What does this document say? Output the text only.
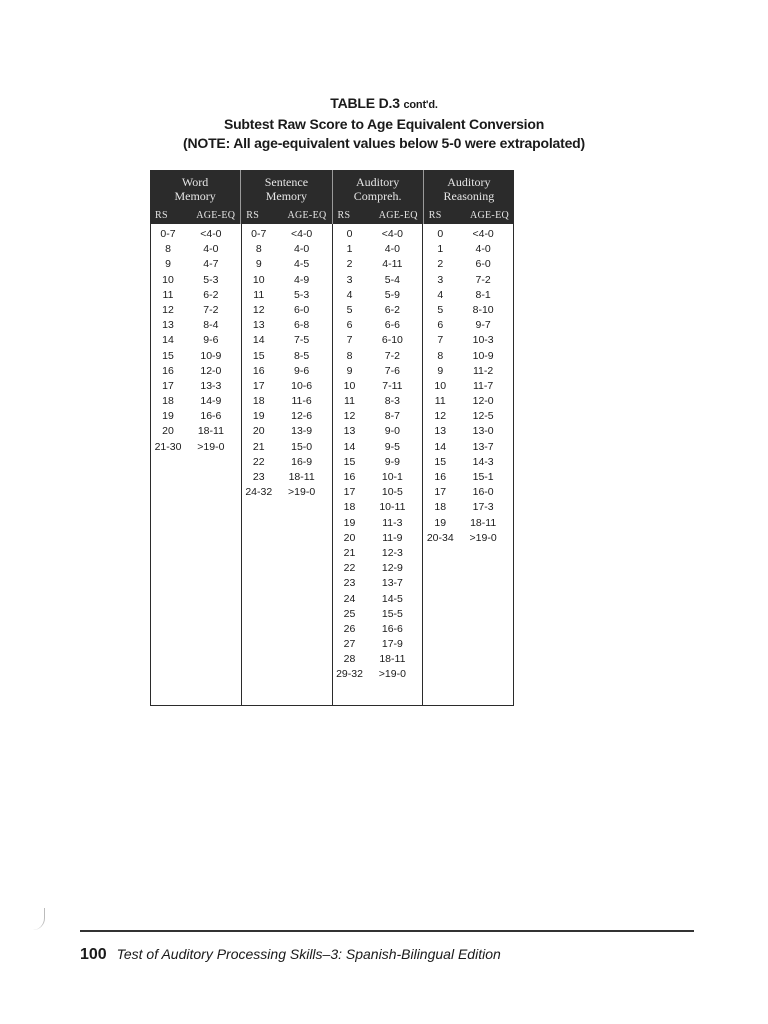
TABLE D.3 cont'd.
Subtest Raw Score to Age Equivalent Conversion
(NOTE: All age-equivalent values below 5-0 were extrapolated)
Word
Memory
RS	AGE-EQ
Sentence
Memory
RS	AGE-EQ
Auditory
Compreh.
RS	AGE-EQ
Auditory
Reasoning
RS	AGE-EQ
0-7	<4-0
8	4-0
9	4-7
10	5-3
11	6-2
12	7-2
13	8-4
14	9-6
15	10-9
16	12-0
17	13-3
18	14-9
19	16-6
20	18-11
21-30	>19-0
0-7	<4-0
8	4-0
9	4-5
10	4-9
11	5-3
12	6-0
13	6-8
14	7-5
15	8-5
16	9-6
17	10-6
18	11-6
19	12-6
20	13-9
21	15-0
22	16-9
23	18-11
24-32	>19-0
0	<4-0
1	4-0
2	4-11
3	5-4
4	5-9
5	6-2
6	6-6
7	6-10
8	7-2
9	7-6
10	7-11
11	8-3
12	8-7
13	9-0
14	9-5
15	9-9
16	10-1
17	10-5
18	10-11
19	11-3
20	11-9
21	12-3
22	12-9
23	13-7
24	14-5
25	15-5
26	16-6
27	17-9
28	18-11
29-32	>19-0
0	<4-0
1	4-0
2	6-0
3	7-2
4	8-1
5	8-10
6	9-7
7	10-3
8	10-9
9	11-2
10	11-7
11	12-0
12	12-5
13	13-0
14	13-7
15	14-3
16	15-1
17	16-0
18	17-3
19	18-11
20-34	>19-0
100 Test of Auditory Processing Skills–3: Spanish-Bilingual Edition
